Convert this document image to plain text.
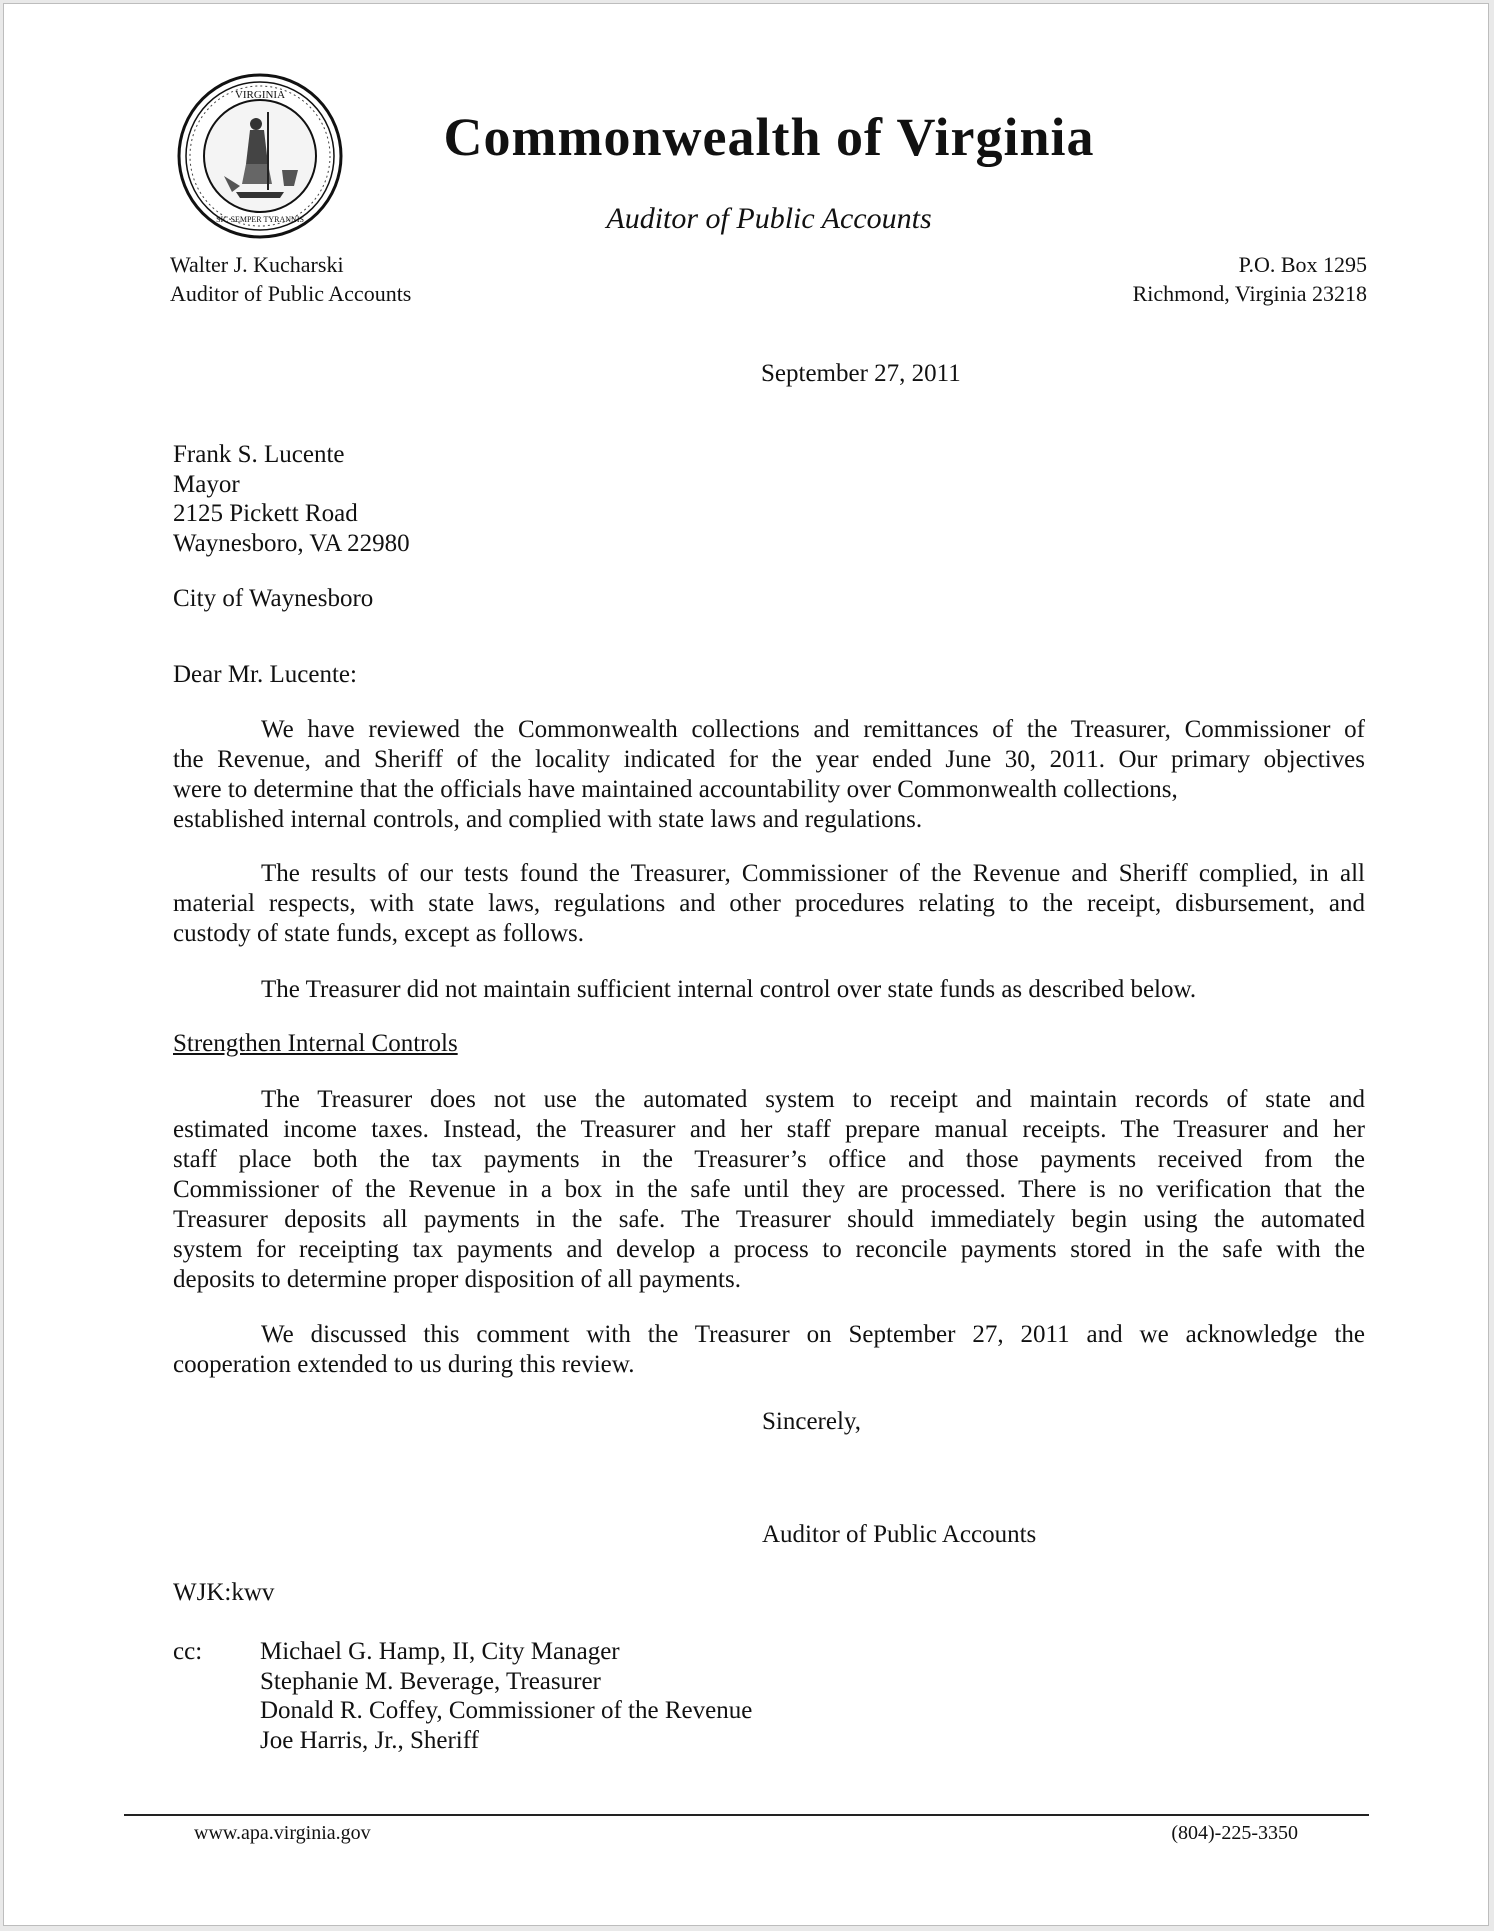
VIRGINIA
SIC SEMPER TYRANNIS
Commonwealth of Virginia
Auditor of Public Accounts
Walter J. Kucharski
Auditor of Public Accounts
P.O. Box 1295
Richmond, Virginia 23218
September 27, 2011
Frank S. Lucente
Mayor
2125 Pickett Road
Waynesboro, VA 22980
City of Waynesboro
Dear Mr. Lucente:
We have reviewed the Commonwealth collections and remittances of the Treasurer, Commissioner of
the Revenue, and Sheriff of the locality indicated for the year ended June 30, 2011. Our primary objectives
were to determine that the officials have maintained accountability over Commonwealth collections,
established internal controls, and complied with state laws and regulations.
The results of our tests found the Treasurer, Commissioner of the Revenue and Sheriff complied, in all
material respects, with state laws, regulations and other procedures relating to the receipt, disbursement, and
custody of state funds, except as follows.
The Treasurer did not maintain sufficient internal control over state funds as described below.
Strengthen Internal Controls
The Treasurer does not use the automated system to receipt and maintain records of state and
estimated income taxes. Instead, the Treasurer and her staff prepare manual receipts. The Treasurer and her
staff place both the tax payments in the Treasurer’s office and those payments received from the
Commissioner of the Revenue in a box in the safe until they are processed. There is no verification that the
Treasurer deposits all payments in the safe. The Treasurer should immediately begin using the automated
system for receipting tax payments and develop a process to reconcile payments stored in the safe with the
deposits to determine proper disposition of all payments.
We discussed this comment with the Treasurer on September 27, 2011 and we acknowledge the
cooperation extended to us during this review.
Sincerely,
Auditor of Public Accounts
WJK:kwv
cc: Michael G. Hamp, II, City Manager
Stephanie M. Beverage, Treasurer
Donald R. Coffey, Commissioner of the Revenue
Joe Harris, Jr., Sheriff
www.apa.virginia.gov	(804)-225-3350
